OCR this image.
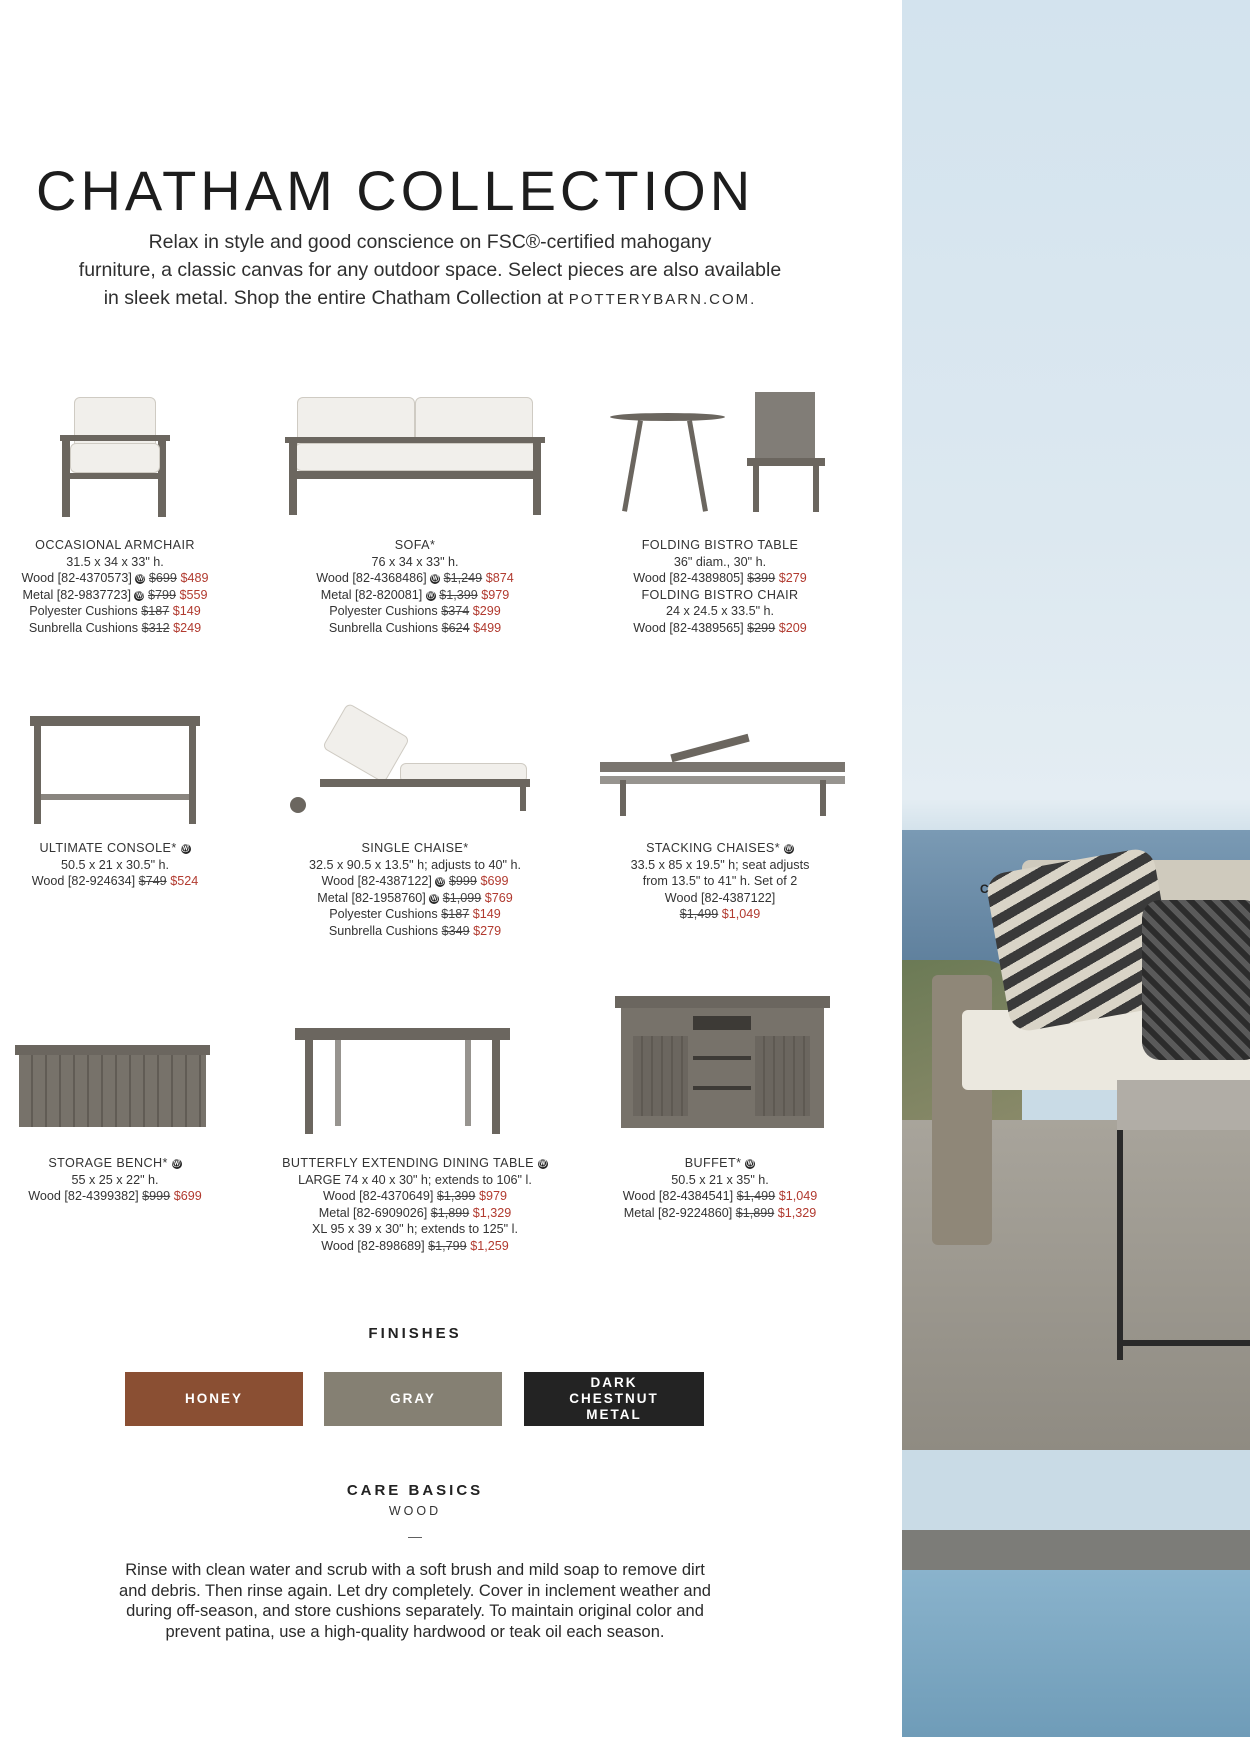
C
CHATHAM COLLECTION
Relax in style and good conscience on FSC®-certified mahogany
furniture, a classic canvas for any outdoor space. Select pieces are also available
in sleek metal. Shop the entire Chatham Collection at POTTERYBARN.COM.
OCCASIONAL ARMCHAIR
31.5 x 34 x 33" h.
Wood [82-4370573] Ⓦ $699 $489
Metal [82-9837723] Ⓦ $799 $559
Polyester Cushions $187 $149
Sunbrella Cushions $312 $249
SOFA*
76 x 34 x 33" h.
Wood [82-4368486] Ⓦ $1,249 $874
Metal [82-820081] Ⓦ $1,399 $979
Polyester Cushions $374 $299
Sunbrella Cushions $624 $499
FOLDING BISTRO TABLE
36" diam., 30" h.
Wood [82-4389805] $399 $279
FOLDING BISTRO CHAIR
24 x 24.5 x 33.5" h.
Wood [82-4389565] $299 $209
ULTIMATE CONSOLE* Ⓦ
50.5 x 21 x 30.5" h.
Wood [82-924634] $749 $524
SINGLE CHAISE*
32.5 x 90.5 x 13.5" h; adjusts to 40" h.
Wood [82-4387122] Ⓦ $999 $699
Metal [82-1958760] Ⓦ $1,099 $769
Polyester Cushions $187 $149
Sunbrella Cushions $349 $279
STACKING CHAISES* Ⓦ
33.5 x 85 x 19.5" h; seat adjusts
from 13.5" to 41" h. Set of 2
Wood [82-4387122]
$1,499 $1,049
STORAGE BENCH* Ⓦ
55 x 25 x 22" h.
Wood [82-4399382] $999 $699
BUTTERFLY EXTENDING DINING TABLE Ⓦ
LARGE 74 x 40 x 30" h; extends to 106" l.
Wood [82-4370649] $1,399 $979
Metal [82-6909026] $1,899 $1,329
XL 95 x 39 x 30" h; extends to 125" l.
Wood [82-898689] $1,799 $1,259
BUFFET* Ⓦ
50.5 x 21 x 35" h.
Wood [82-4384541] $1,499 $1,049
Metal [82-9224860] $1,899 $1,329
FINISHES
HONEY	GRAY
DARK CHESTNUT METAL
CARE BASICS
WOOD
—
Rinse with clean water and scrub with a soft brush and mild soap to remove dirt and debris. Then rinse again. Let dry completely. Cover in inclement weather and during off-season, and store cushions separately. To maintain original color and prevent patina, use a high-quality hardwood or teak oil each season.
